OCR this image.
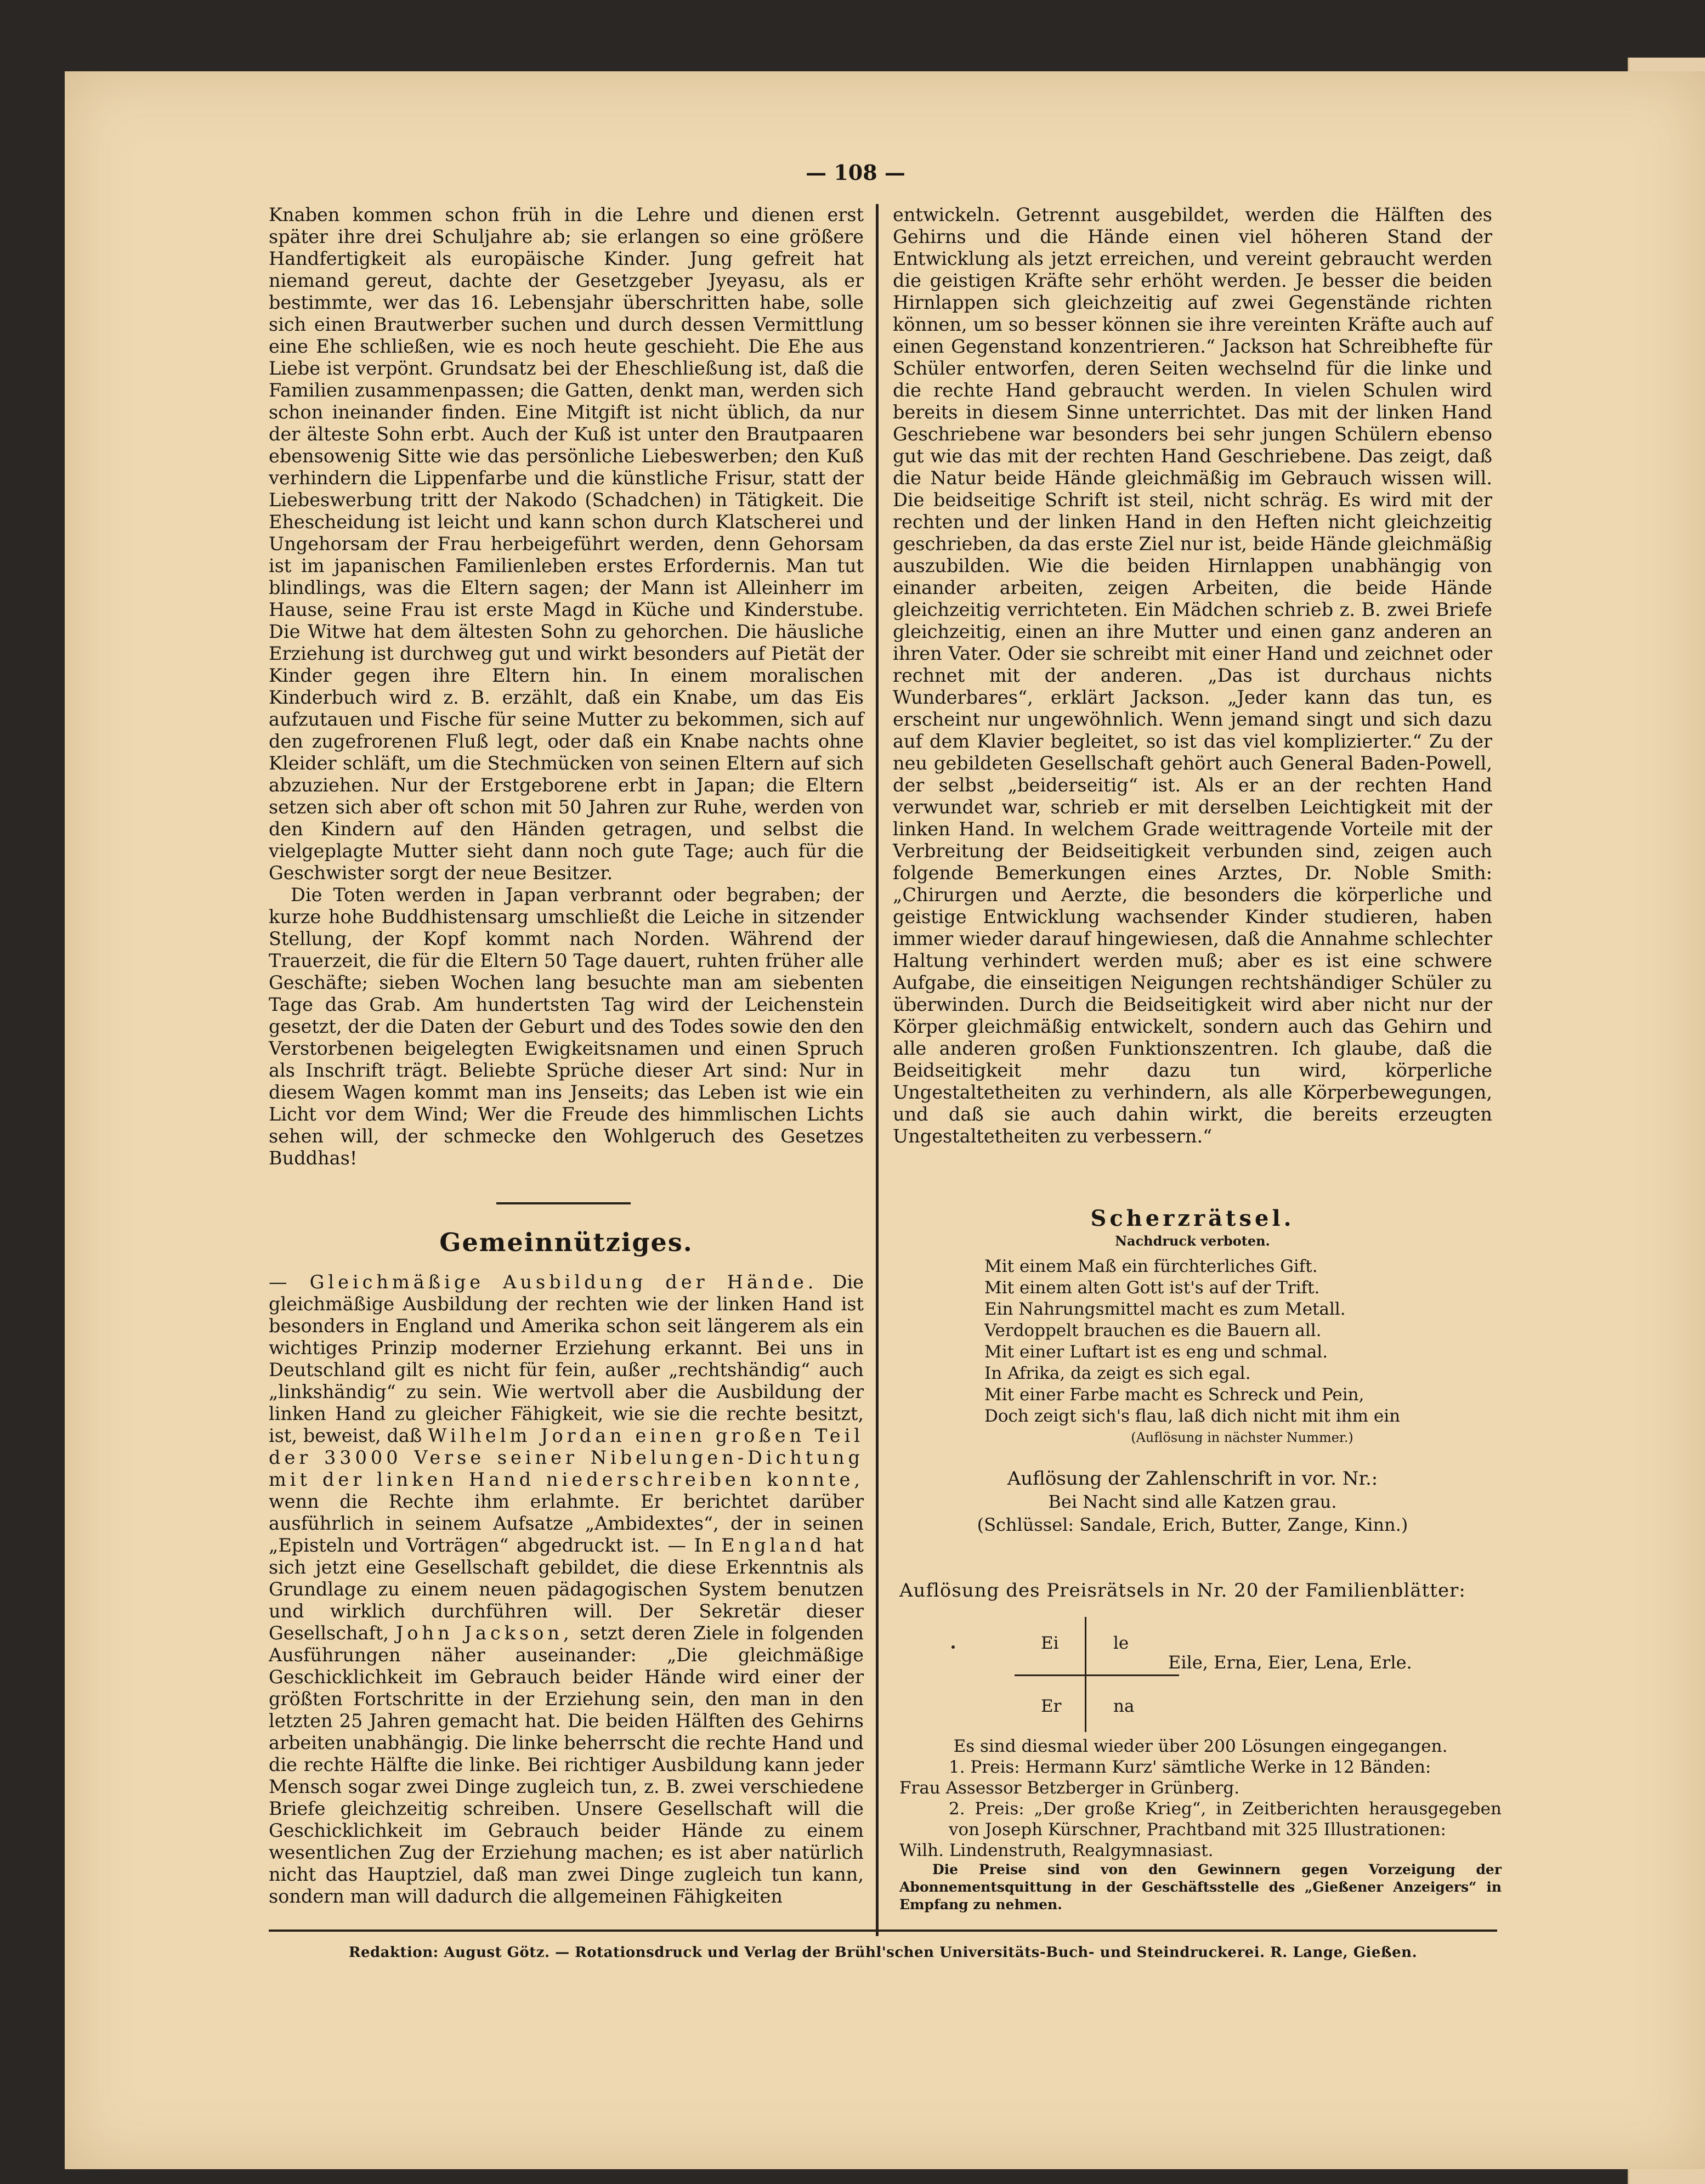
— 108 —

Knaben kommen schon früh in die Lehre und dienen erst später ihre drei Schuljahre ab; sie erlangen so eine größere Handfertigkeit als europäische Kinder. Jung gefreit hat niemand gereut, dachte der Gesetzgeber Jyeyasu, als er bestimmte, wer das 16. Lebensjahr überschritten habe, solle sich einen Brautwerber suchen und durch dessen Vermittlung eine Ehe schließen, wie es noch heute geschieht. Die Ehe aus Liebe ist verpönt. Grundsatz bei der Eheschließung ist, daß die Familien zusammenpassen; die Gatten, denkt man, werden sich schon ineinander finden. Eine Mitgift ist nicht üblich, da nur der älteste Sohn erbt. Auch der Kuß ist unter den Brautpaaren ebensowenig Sitte wie das persönliche Liebeswerben; den Kuß verhindern die Lippenfarbe und die künstliche Frisur, statt der Liebeswerbung tritt der Nakodo (Schadchen) in Tätigkeit. Die Ehescheidung ist leicht und kann schon durch Klatscherei und Ungehorsam der Frau herbeigeführt werden, denn Gehorsam ist im japanischen Familienleben erstes Erfordernis. Man tut blindlings, was die Eltern sagen; der Mann ist Alleinherr im Hause, seine Frau ist erste Magd in Küche und Kinderstube. Die Witwe hat dem ältesten Sohn zu gehorchen. Die häusliche Erziehung ist durchweg gut und wirkt besonders auf Pietät der Kinder gegen ihre Eltern hin. In einem moralischen Kinderbuch wird z. B. erzählt, daß ein Knabe, um das Eis aufzutauen und Fische für seine Mutter zu bekommen, sich auf den zugefrorenen Fluß legt, oder daß ein Knabe nachts ohne Kleider schläft, um die Stechmücken von seinen Eltern auf sich abzuziehen. Nur der Erstgeborene erbt in Japan; die Eltern setzen sich aber oft schon mit 50 Jahren zur Ruhe, werden von den Kindern auf den Händen getragen, und selbst die vielgeplagte Mutter sieht dann noch gute Tage; auch für die Geschwister sorgt der neue Besitzer.

Die Toten werden in Japan verbrannt oder begraben; der kurze hohe Buddhistensarg umschließt die Leiche in sitzender Stellung, der Kopf kommt nach Norden. Während der Trauerzeit, die für die Eltern 50 Tage dauert, ruhten früher alle Geschäfte; sieben Wochen lang besuchte man am siebenten Tage das Grab. Am hundertsten Tag wird der Leichenstein gesetzt, der die Daten der Geburt und des Todes sowie den den Verstorbenen beigelegten Ewigkeitsnamen und einen Spruch als Inschrift trägt. Beliebte Sprüche dieser Art sind: Nur in diesem Wagen kommt man ins Jenseits; das Leben ist wie ein Licht vor dem Wind; Wer die Freude des himmlischen Lichts sehen will, der schmecke den Wohlgeruch des Gesetzes Buddhas!

Gemeinnütziges.

— Gleichmäßige Ausbildung der Hände. Die gleichmäßige Ausbildung der rechten wie der linken Hand ist besonders in England und Amerika schon seit längerem als ein wichtiges Prinzip moderner Erziehung erkannt. Bei uns in Deutschland gilt es nicht für fein, außer „rechtshändig“ auch „linkshändig“ zu sein. Wie wertvoll aber die Ausbildung der linken Hand zu gleicher Fähigkeit, wie sie die rechte besitzt, ist, beweist, daß Wilhelm Jordan einen großen Teil der 33000 Verse seiner Nibelungen-Dichtung mit der linken Hand niederschreiben konnte, wenn die Rechte ihm erlahmte. Er berichtet darüber ausführlich in seinem Aufsatze „Ambidextes“, der in seinen „Episteln und Vorträgen“ abgedruckt ist. — In England hat sich jetzt eine Gesellschaft gebildet, die diese Erkenntnis als Grundlage zu einem neuen pädagogischen System benutzen und wirklich durchführen will. Der Sekretär dieser Gesellschaft, John Jackson, setzt deren Ziele in folgenden Ausführungen näher auseinander: „Die gleichmäßige Geschicklichkeit im Gebrauch beider Hände wird einer der größten Fortschritte in der Erziehung sein, den man in den letzten 25 Jahren gemacht hat. Die beiden Hälften des Gehirns arbeiten unabhängig. Die linke beherrscht die rechte Hand und die rechte Hälfte die linke. Bei richtiger Ausbildung kann jeder Mensch sogar zwei Dinge zugleich tun, z. B. zwei verschiedene Briefe gleichzeitig schreiben. Unsere Gesellschaft will die Geschicklichkeit im Gebrauch beider Hände zu einem wesentlichen Zug der Erziehung machen; es ist aber natürlich nicht das Hauptziel, daß man zwei Dinge zugleich tun kann, sondern man will dadurch die allgemeinen Fähigkeiten

entwickeln. Getrennt ausgebildet, werden die Hälften des Gehirns und die Hände einen viel höheren Stand der Entwicklung als jetzt erreichen, und vereint gebraucht werden die geistigen Kräfte sehr erhöht werden. Je besser die beiden Hirnlappen sich gleichzeitig auf zwei Gegenstände richten können, um so besser können sie ihre vereinten Kräfte auch auf einen Gegenstand konzentrieren.“ Jackson hat Schreibhefte für Schüler entworfen, deren Seiten wechselnd für die linke und die rechte Hand gebraucht werden. In vielen Schulen wird bereits in diesem Sinne unterrichtet. Das mit der linken Hand Geschriebene war besonders bei sehr jungen Schülern ebenso gut wie das mit der rechten Hand Geschriebene. Das zeigt, daß die Natur beide Hände gleichmäßig im Gebrauch wissen will. Die beidseitige Schrift ist steil, nicht schräg. Es wird mit der rechten und der linken Hand in den Heften nicht gleichzeitig geschrieben, da das erste Ziel nur ist, beide Hände gleichmäßig auszubilden. Wie die beiden Hirnlappen unabhängig von einander arbeiten, zeigen Arbeiten, die beide Hände gleichzeitig verrichteten. Ein Mädchen schrieb z. B. zwei Briefe gleichzeitig, einen an ihre Mutter und einen ganz anderen an ihren Vater. Oder sie schreibt mit einer Hand und zeichnet oder rechnet mit der anderen. „Das ist durchaus nichts Wunderbares“, erklärt Jackson. „Jeder kann das tun, es erscheint nur ungewöhnlich. Wenn jemand singt und sich dazu auf dem Klavier begleitet, so ist das viel komplizierter.“ Zu der neu gebildeten Gesellschaft gehört auch General Baden-Powell, der selbst „beiderseitig“ ist. Als er an der rechten Hand verwundet war, schrieb er mit derselben Leichtigkeit mit der linken Hand. In welchem Grade weittragende Vorteile mit der Verbreitung der Beidseitigkeit verbunden sind, zeigen auch folgende Bemerkungen eines Arztes, Dr. Noble Smith: „Chirurgen und Aerzte, die besonders die körperliche und geistige Entwicklung wachsender Kinder studieren, haben immer wieder darauf hingewiesen, daß die Annahme schlechter Haltung verhindert werden muß; aber es ist eine schwere Aufgabe, die einseitigen Neigungen rechtshändiger Schüler zu überwinden. Durch die Beidseitigkeit wird aber nicht nur der Körper gleichmäßig entwickelt, sondern auch das Gehirn und alle anderen großen Funktionszentren. Ich glaube, daß die Beidseitigkeit mehr dazu tun wird, körperliche Ungestaltetheiten zu verhindern, als alle Körperbewegungen, und daß sie auch dahin wirkt, die bereits erzeugten Ungestaltetheiten zu verbessern.“

Scherzrätsel.
Nachdruck verboten.
Mit einem Maß ein fürchterliches Gift.
Mit einem alten Gott ist's auf der Trift.
Ein Nahrungsmittel macht es zum Metall.
Verdoppelt brauchen es die Bauern all.
Mit einer Luftart ist es eng und schmal.
In Afrika, da zeigt es sich egal.
Mit einer Farbe macht es Schreck und Pein,
Doch zeigt sich's flau, laß dich nicht mit ihm ein
(Auflösung in nächster Nummer.)
Auflösung der Zahlenschrift in vor. Nr.:
Bei Nacht sind alle Katzen grau.
(Schlüssel: Sandale, Erich, Butter, Zange, Kinn.)
Auflösung des Preisrätsels in Nr. 20 der Familienblätter:
Ei	le
Er	na
Eile, Erna, Eier, Lena, Erle.

Es sind diesmal wieder über 200 Lösungen eingegangen.

1. Preis: Hermann Kurz' sämtliche Werke in 12 Bänden:

Frau Assessor Betzberger in Grünberg.

2. Preis: „Der große Krieg“, in Zeitberichten herausgegeben von Joseph Kürschner, Prachtband mit 325 Illustrationen:

Wilh. Lindenstruth, Realgymnasiast.

Die Preise sind von den Gewinnern gegen Vorzeigung der Abonnementsquittung in der Geschäftsstelle des „Gießener Anzeigers“ in Empfang zu nehmen.

Redaktion: August Götz. — Rotationsdruck und Verlag der Brühl'schen Universitäts-Buch- und Steindruckerei. R. Lange, Gießen.
